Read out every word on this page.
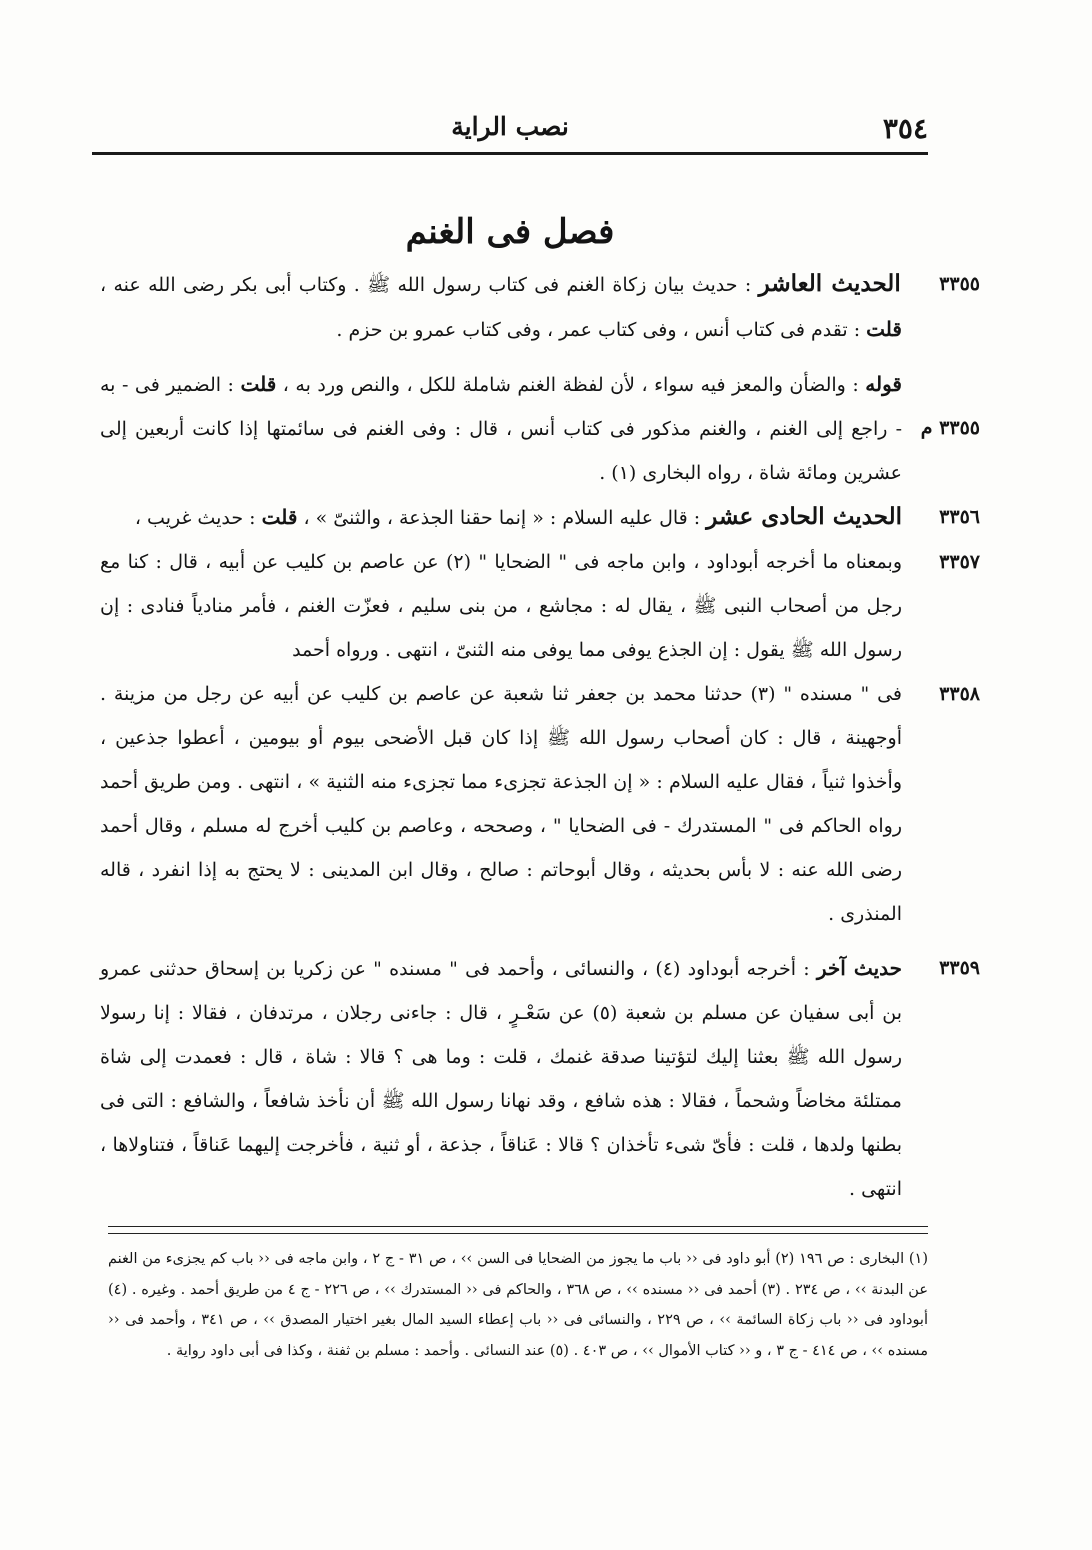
٣٥٤
نصب الراية
فصل فى الغنم
٣٣٥٥
الحديث العاشر : حديث بيان زكاة الغنم فى كتاب رسول الله ﷺ . وكتاب أبى بكر رضى الله عنه ، قلت : تقدم فى كتاب أنس ، وفى كتاب عمر ، وفى كتاب عمرو بن حزم .
٣٣٥٥ م
قوله : والضأن والمعز فيه سواء ، لأن لفظة الغنم شاملة للكل ، والنص ورد به ، قلت : الضمير فى - به - راجع إلى الغنم ، والغنم مذكور فى كتاب أنس ، قال : وفى الغنم فى سائمتها إذا كانت أربعين إلى عشرين ومائة شاة ، رواه البخارى (١) .
٣٣٥٦
الحديث الحادى عشر : قال عليه السلام : « إنما حقنا الجذعة ، والثنىّ » ، قلت : حديث غريب ،
٣٣٥٧
وبمعناه ما أخرجه أبوداود ، وابن ماجه فى " الضحايا " (٢) عن عاصم بن كليب عن أبيه ، قال : كنا مع رجل من أصحاب النبى ﷺ ، يقال له : مجاشع ، من بنى سليم ، فعزّت الغنم ، فأمر منادياً فنادى : إن رسول الله ﷺ يقول : إن الجذع يوفى مما يوفى منه الثنىّ ، انتهى . ورواه أحمد
٣٣٥٨
فى " مسنده " (٣) حدثنا محمد بن جعفر ثنا شعبة عن عاصم بن كليب عن أبيه عن رجل من مزينة . أوجهينة ، قال : كان أصحاب رسول الله ﷺ إذا كان قبل الأضحى بيوم أو بيومين ، أعطوا جذعين ، وأخذوا ثنياً ، فقال عليه السلام : « إن الجذعة تجزىء مما تجزىء منه الثنية » ، انتهى . ومن طريق أحمد رواه الحاكم فى " المستدرك - فى الضحايا " ، وصححه ، وعاصم بن كليب أخرج له مسلم ، وقال أحمد رضى الله عنه : لا بأس بحديثه ، وقال أبوحاتم : صالح ، وقال ابن المدينى : لا يحتج به إذا انفرد ، قاله المنذرى .
٣٣٥٩
حديث آخر : أخرجه أبوداود (٤) ، والنسائى ، وأحمد فى " مسنده " عن زكريا بن إسحاق حدثنى عمرو بن أبى سفيان عن مسلم بن شعبة (٥) عن سَعْـرٍ ، قال : جاءنى رجلان ، مرتدفان ، فقالا : إنا رسولا رسول الله ﷺ بعثنا إليك لتؤتينا صدقة غنمك ، قلت : وما هى ؟ قالا : شاة ، قال : فعمدت إلى شاة ممتلئة مخاضاً وشحماً ، فقالا : هذه شافع ، وقد نهانا رسول الله ﷺ أن نأخذ شافعاً ، والشافع : التى فى بطنها ولدها ، قلت : فأىّ شىء تأخذان ؟ قالا : عَناقاً ، جذعة ، أو ثنية ، فأخرجت إليهما عَناقاً ، فتناولاها ، انتهى .

(١) البخارى : ص ١٩٦ (٢) أبو داود فى ‹‹ باب ما يجوز من الضحايا فى السن ›› ، ص ٣١ - ج ٢ ، وابن ماجه فى ‹‹ باب كم يجزىء من الغنم عن البدنة ›› ، ص ٢٣٤ . (٣) أحمد فى ‹‹ مسنده ›› ، ص ٣٦٨ ، والحاكم فى ‹‹ المستدرك ›› ، ص ٢٢٦ - ج ٤ من طريق أحمد . وغيره . (٤) أبوداود فى ‹‹ باب زكاة السائمة ›› ، ص ٢٢٩ ، والنسائى فى ‹‹ باب إعطاء السيد المال بغير اختيار المصدق ›› ، ص ٣٤١ ، وأحمد فى ‹‹ مسنده ›› ، ص ٤١٤ - ج ٣ ، و ‹‹ كتاب الأموال ›› ، ص ٤٠٣ . (٥) عند النسائى . وأحمد : مسلم بن ثفنة ، وكذا فى أبى داود رواية .
